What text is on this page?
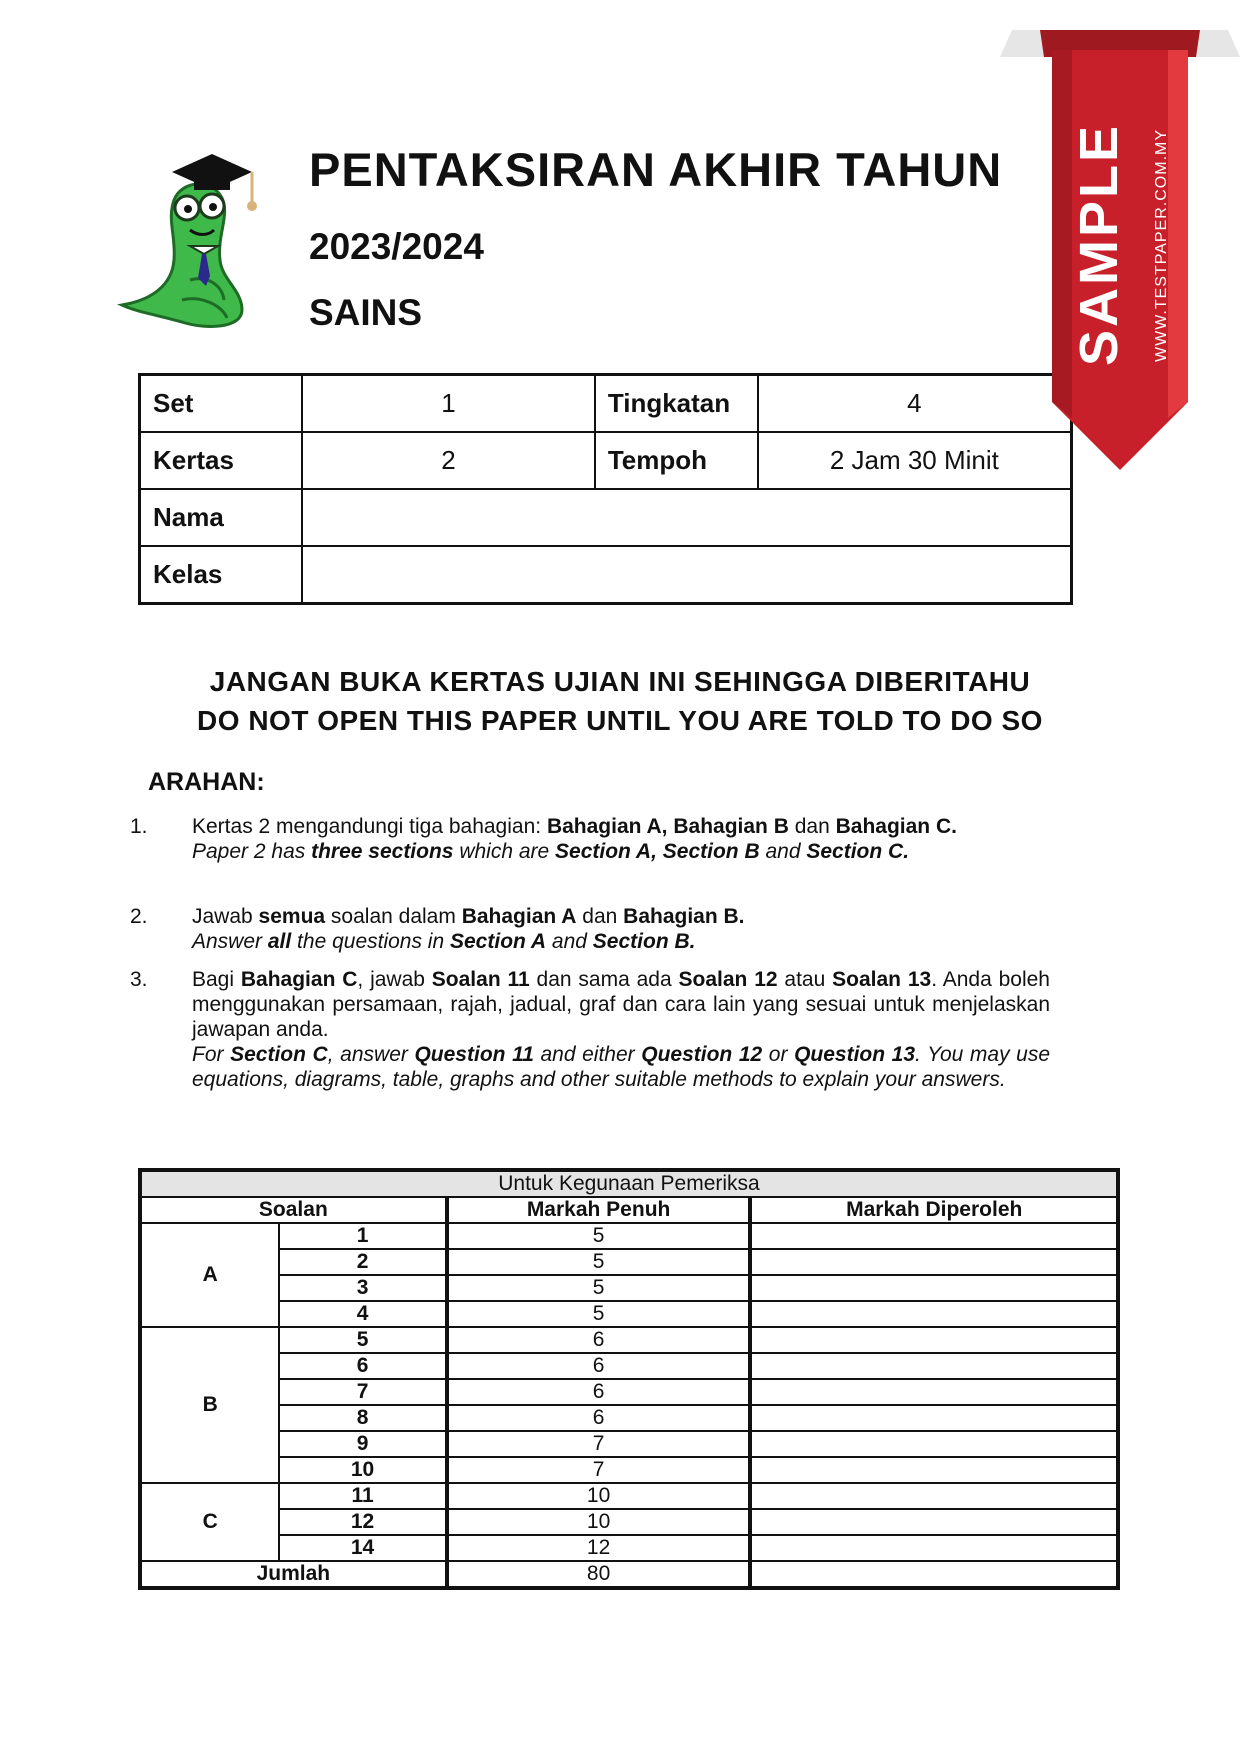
PENTAKSIRAN AKHIR TAHUN
2023/2024
SAINS
Set	1	Tingkatan	4
Kertas	2	Tempoh	2 Jam 30 Minit
Nama			
Kelas			
JANGAN BUKA KERTAS UJIAN INI SEHINGGA DIBERITAHU
DO NOT OPEN THIS PAPER UNTIL YOU ARE TOLD TO DO SO
ARAHAN:
1. Kertas 2 mengandungi tiga bahagian: Bahagian A, Bahagian B dan Bahagian C.
Paper 2 has three sections which are Section A, Section B and Section C.
2. Jawab semua soalan dalam Bahagian A dan Bahagian B.
Answer all the questions in Section A and Section B.
3. Bagi Bahagian C, jawab Soalan 11 dan sama ada Soalan 12 atau Soalan 13. Anda boleh menggunakan persamaan, rajah, jadual, graf dan cara lain yang sesuai untuk menjelaskan jawapan anda.
For Section C, answer Question 11 and either Question 12 or Question 13. You may use equations, diagrams, table, graphs and other suitable methods to explain your answers.
Untuk Kegunaan Pemeriksa			
Soalan		Markah Penuh	Markah Diperoleh
A	1	5	
	2	5	
	3	5	
	4	5	
B	5	6	
	6	6	
	7	6	
	8	6	
	9	7	
	10	7	
C	11	10	
	12	10	
	14	12	
Jumlah		80	
SAMPLE WWW.TESTPAPER.COM.MY
